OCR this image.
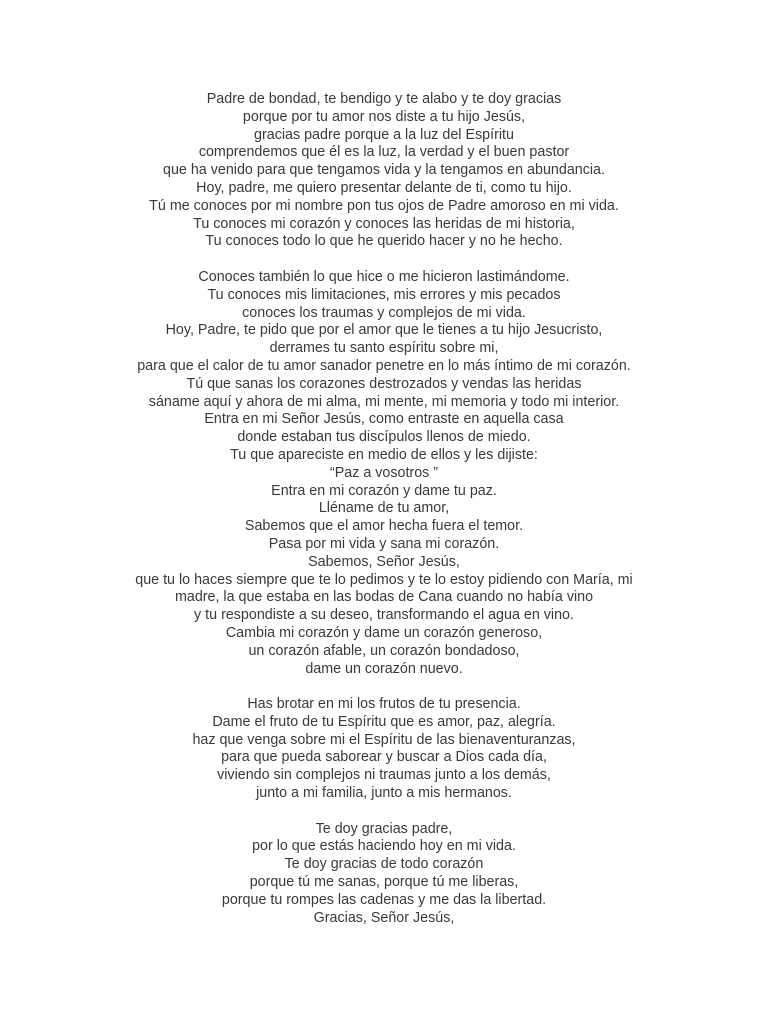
Padre de bondad, te bendigo y te alabo y te doy gracias
porque por tu amor nos diste a tu hijo Jesús,
gracias padre porque a la luz del Espíritu
comprendemos que él es la luz, la verdad y el buen pastor
que ha venido para que tengamos vida y la tengamos en abundancia.
Hoy, padre, me quiero presentar delante de ti, como tu hijo.
Tú me conoces por mi nombre pon tus ojos de Padre amoroso en mi vida.
Tu conoces mi corazón y conoces las heridas de mi historia,
Tu conoces todo lo que he querido hacer y no he hecho.
Conoces también lo que hice o me hicieron lastimándome.
Tu conoces mis limitaciones, mis errores y mis pecados
conoces los traumas y complejos de mi vida.
Hoy, Padre, te pido que por el amor que le tienes a tu hijo Jesucristo,
derrames tu santo espíritu sobre mi,
para que el calor de tu amor sanador penetre en lo más íntimo de mi corazón.
Tú que sanas los corazones destrozados y vendas las heridas
sáname aquí y ahora de mi alma, mi mente, mi memoria y todo mi interior.
Entra en mi Señor Jesús, como entraste en aquella casa
donde estaban tus discípulos llenos de miedo.
Tu que apareciste en medio de ellos y les dijiste:
“Paz a vosotros ”
Entra en mi corazón y dame tu paz.
Lléname de tu amor,
Sabemos que el amor hecha fuera el temor.
Pasa por mi vida y sana mi corazón.
Sabemos, Señor Jesús,
que tu lo haces siempre que te lo pedimos y te lo estoy pidiendo con María, mi
madre, la que estaba en las bodas de Cana cuando no había vino
y tu respondiste a su deseo, transformando el agua en vino.
Cambia mi corazón y dame un corazón generoso,
un corazón afable, un corazón bondadoso,
dame un corazón nuevo.
Has brotar en mi los frutos de tu presencia.
Dame el fruto de tu Espíritu que es amor, paz, alegría.
haz que venga sobre mi el Espíritu de las bienaventuranzas,
para que pueda saborear y buscar a Dios cada día,
viviendo sin complejos ni traumas junto a los demás,
junto a mi familia, junto a mis hermanos.
Te doy gracias padre,
por lo que estás haciendo hoy en mi vida.
Te doy gracias de todo corazón
porque tú me sanas, porque tú me liberas,
porque tu rompes las cadenas y me das la libertad.
Gracias, Señor Jesús,
